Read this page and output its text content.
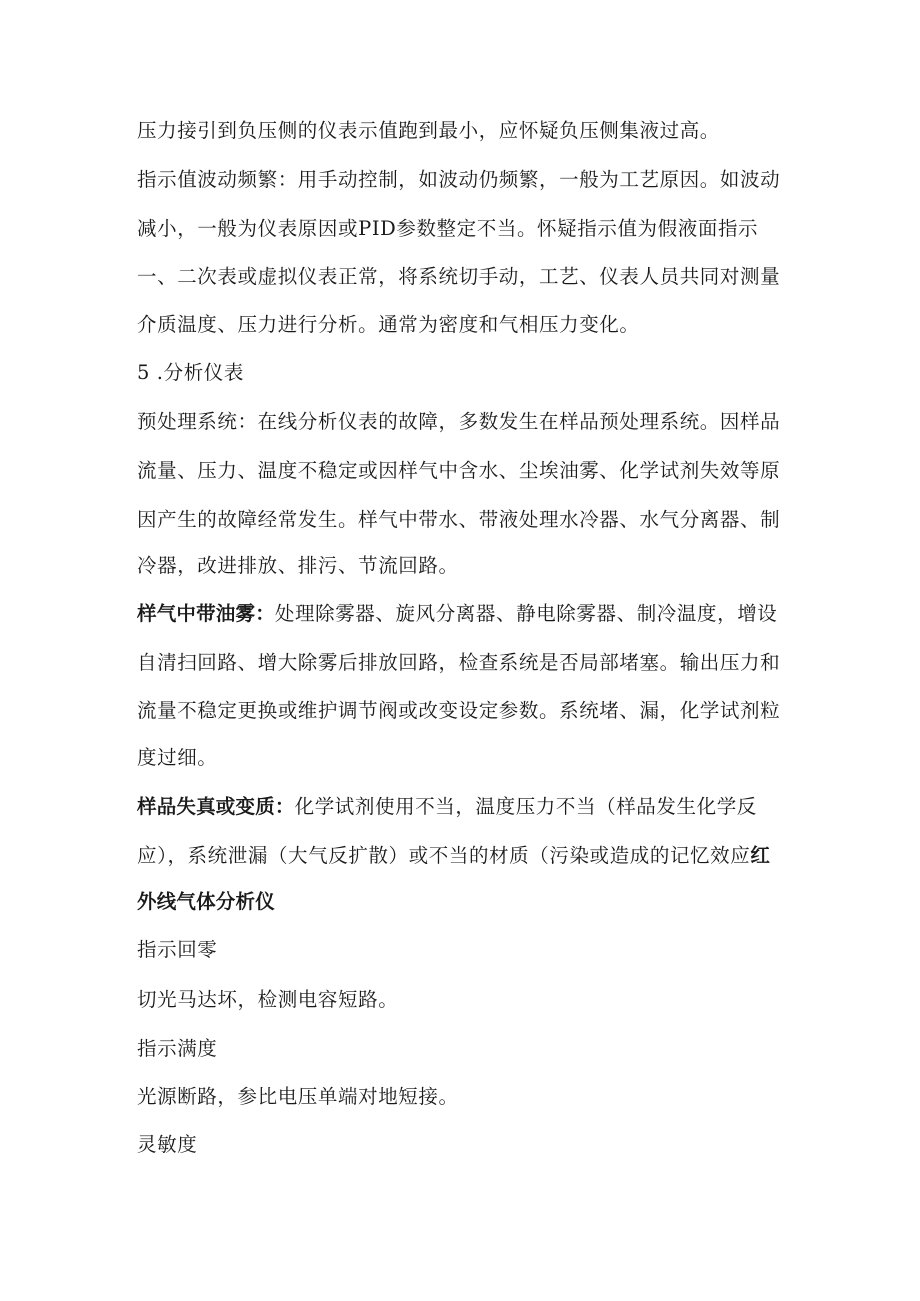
压力接引到负压侧的仪表示值跑到最小，应怀疑负压侧集液过高。
指示值波动频繁：用手动控制，如波动仍频繁，一般为工艺原因。如波动
减小，一般为仪表原因或PID参数整定不当。怀疑指示值为假液面指示
一、二次表或虚拟仪表正常，将系统切手动，工艺、仪表人员共同对测量
介质温度、压力进行分析。通常为密度和气相压力变化。
5 .分析仪表
预处理系统：在线分析仪表的故障，多数发生在样品预处理系统。因样品
流量、压力、温度不稳定或因样气中含水、尘埃油雾、化学试剂失效等原
因产生的故障经常发生。样气中带水、带液处理水冷器、水气分离器、制
冷器，改进排放、排污、节流回路。
样气中带油雾：处理除雾器、旋风分离器、静电除雾器、制冷温度，增设
自清扫回路、增大除雾后排放回路，检查系统是否局部堵塞。输出压力和
流量不稳定更换或维护调节阀或改变设定参数。系统堵、漏，化学试剂粒
度过细。
样品失真或变质：化学试剂使用不当，温度压力不当（样品发生化学反
应），系统泄漏（大气反扩散）或不当的材质（污染或造成的记忆效应红
外线气体分析仪
指示回零
切光马达坏，检测电容短路。
指示满度
光源断路，参比电压单端对地短接。
灵敏度
